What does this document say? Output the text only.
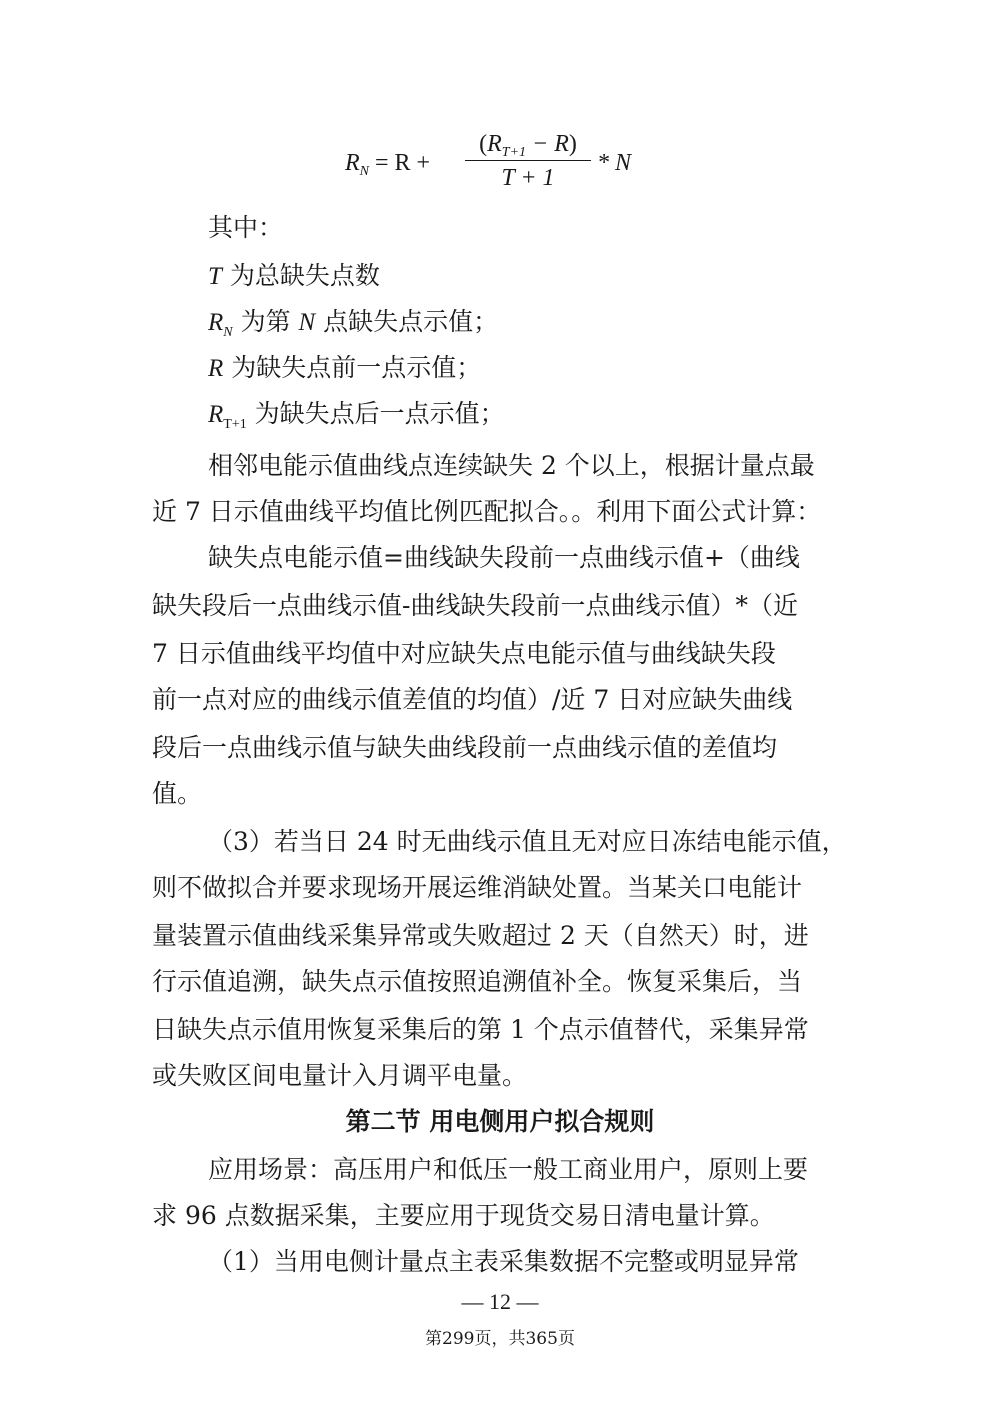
$R_N = R$ +
$(R_{T+1} - R)$
T + 1
* N
其中：
T 为总缺失点数
$R_N$ 为第 N 点缺失点示值；
R 为缺失点前一点示值；
$R_{T+1}$ 为缺失点后一点示值；
相邻电能示值曲线点连续缺失 2 个以上，根据计量点最
近 7 日示值曲线平均值比例匹配拟合。。利用下面公式计算：
缺失点电能示值=曲线缺失段前一点曲线示值+（曲线
缺失段后一点曲线示值-曲线缺失段前一点曲线示值）*（近
7 日示值曲线平均值中对应缺失点电能示值与曲线缺失段
前一点对应的曲线示值差值的均值）/近 7 日对应缺失曲线
段后一点曲线示值与缺失曲线段前一点曲线示值的差值均
值。
（3）若当日 24 时无曲线示值且无对应日冻结电能示值，
则不做拟合并要求现场开展运维消缺处置。当某关口电能计
量装置示值曲线采集异常或失败超过 2 天（自然天）时，进
行示值追溯，缺失点示值按照追溯值补全。恢复采集后，当
日缺失点示值用恢复采集后的第 1 个点示值替代，采集异常
或失败区间电量计入月调平电量。
第二节 用电侧用户拟合规则
应用场景：高压用户和低压一般工商业用户，原则上要
求 96 点数据采集，主要应用于现货交易日清电量计算。
（1）当用电侧计量点主表采集数据不完整或明显异常
— 12 —
第299页，共365页
